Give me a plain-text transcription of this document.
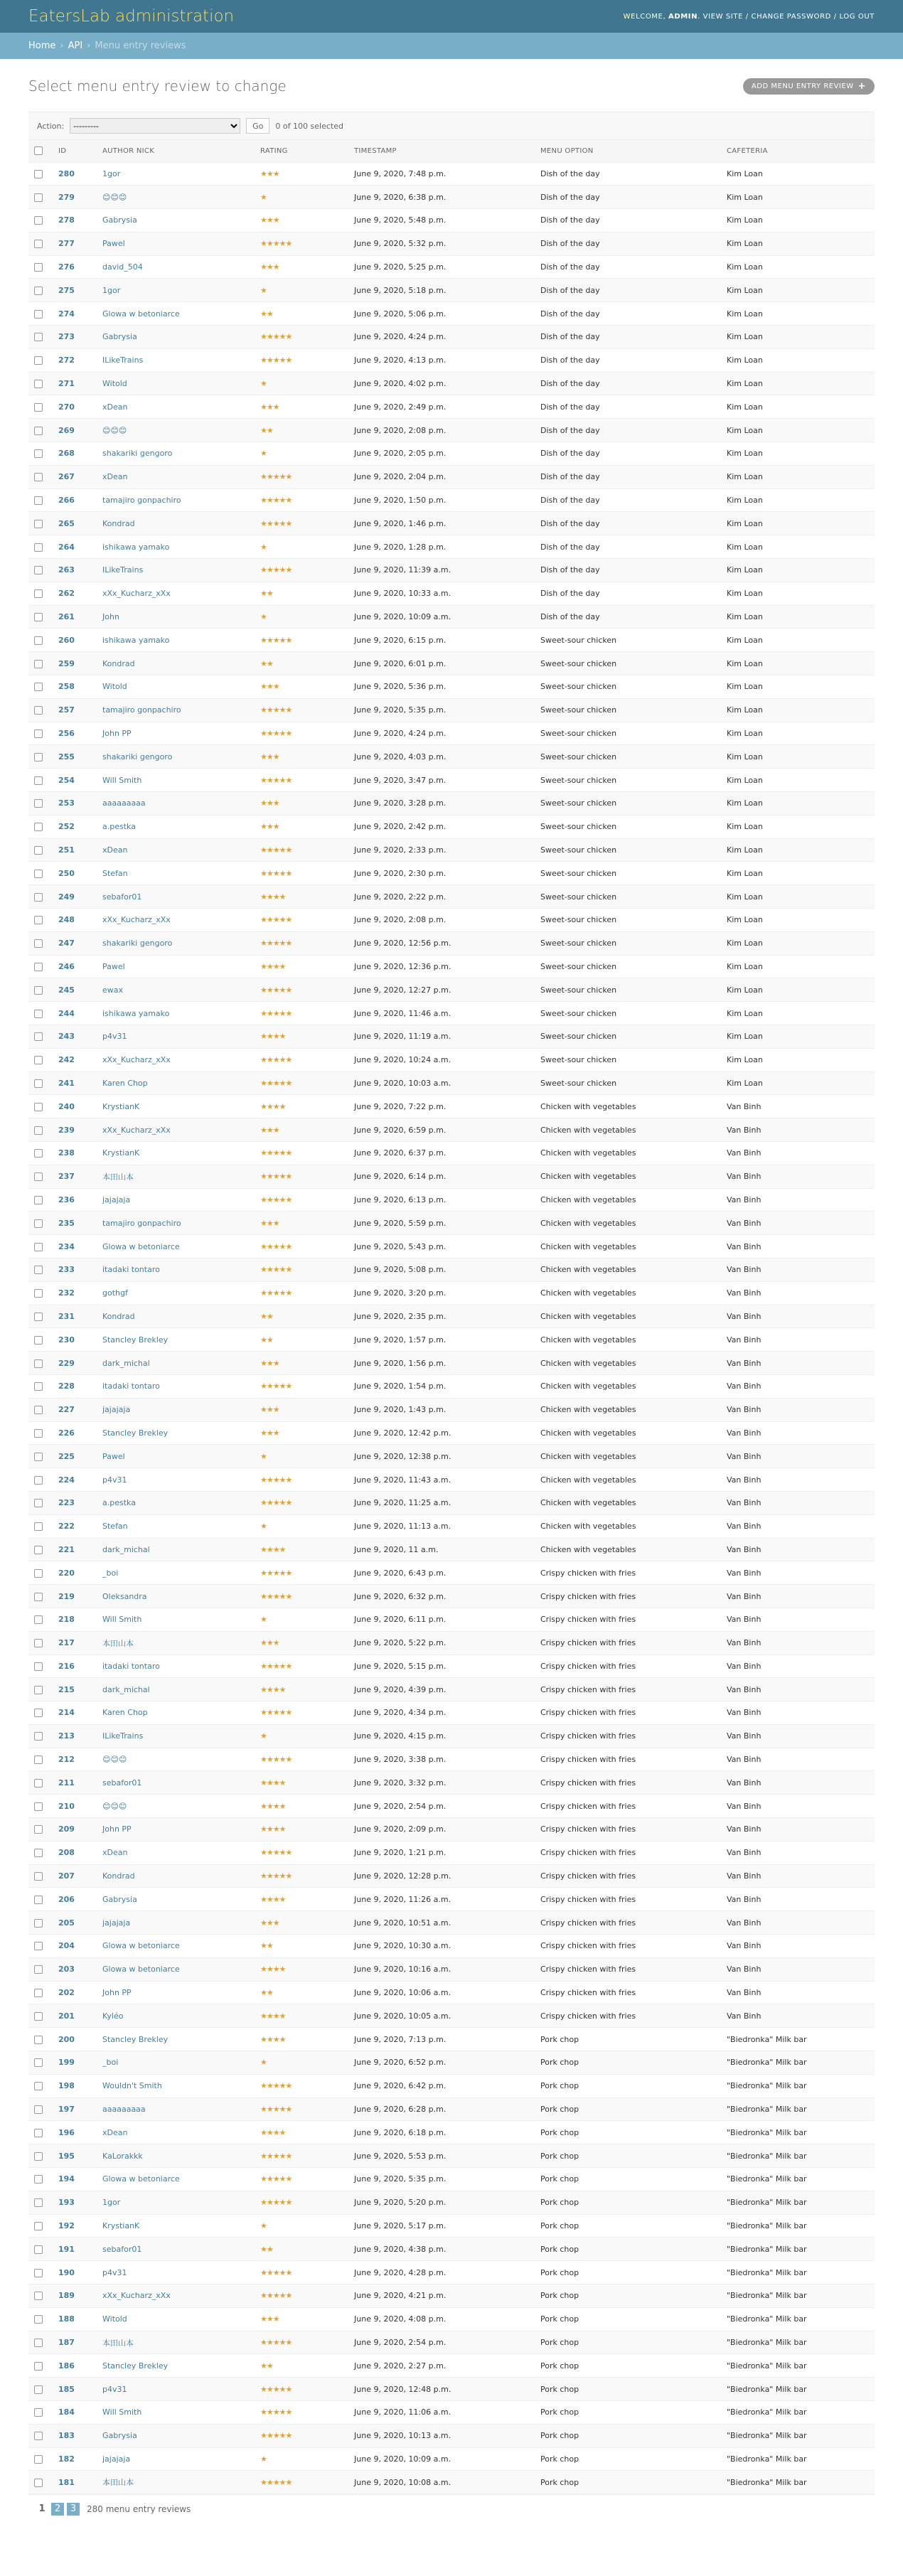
EatersLab administration	WELCOME, ADMIN. VIEW SITE / CHANGE PASSWORD / LOG OUT
Home › API › Menu entry reviews
Select menu entry review to change	ADD MENU ENTRY REVIEW +
Action:
---------	Go	0 of 100 selected
	ID	AUTHOR NICK	RATING	TIMESTAMP	MENU OPTION	CAFETERIA
	280	1gor	★★★	June 9, 2020, 7:48 p.m.	Dish of the day	Kim Loan
	279	😊😊😊	★	June 9, 2020, 6:38 p.m.	Dish of the day	Kim Loan
	278	Gabrysia	★★★	June 9, 2020, 5:48 p.m.	Dish of the day	Kim Loan
	277	Pawel	★★★★★	June 9, 2020, 5:32 p.m.	Dish of the day	Kim Loan
	276	david_504	★★★	June 9, 2020, 5:25 p.m.	Dish of the day	Kim Loan
	275	1gor	★	June 9, 2020, 5:18 p.m.	Dish of the day	Kim Loan
	274	Glowa w betoniarce	★★	June 9, 2020, 5:06 p.m.	Dish of the day	Kim Loan
	273	Gabrysia	★★★★★	June 9, 2020, 4:24 p.m.	Dish of the day	Kim Loan
	272	ILikeTrains	★★★★★	June 9, 2020, 4:13 p.m.	Dish of the day	Kim Loan
	271	Witold	★	June 9, 2020, 4:02 p.m.	Dish of the day	Kim Loan
	270	xDean	★★★	June 9, 2020, 2:49 p.m.	Dish of the day	Kim Loan
	269	😊😊😊	★★	June 9, 2020, 2:08 p.m.	Dish of the day	Kim Loan
	268	shakariki gengoro	★	June 9, 2020, 2:05 p.m.	Dish of the day	Kim Loan
	267	xDean	★★★★★	June 9, 2020, 2:04 p.m.	Dish of the day	Kim Loan
	266	tamajiro gonpachiro	★★★★★	June 9, 2020, 1:50 p.m.	Dish of the day	Kim Loan
	265	Kondrad	★★★★★	June 9, 2020, 1:46 p.m.	Dish of the day	Kim Loan
	264	ishikawa yamako	★	June 9, 2020, 1:28 p.m.	Dish of the day	Kim Loan
	263	ILikeTrains	★★★★★	June 9, 2020, 11:39 a.m.	Dish of the day	Kim Loan
	262	xXx_Kucharz_xXx	★★	June 9, 2020, 10:33 a.m.	Dish of the day	Kim Loan
	261	John	★	June 9, 2020, 10:09 a.m.	Dish of the day	Kim Loan
	260	ishikawa yamako	★★★★★	June 9, 2020, 6:15 p.m.	Sweet-sour chicken	Kim Loan
	259	Kondrad	★★	June 9, 2020, 6:01 p.m.	Sweet-sour chicken	Kim Loan
	258	Witold	★★★	June 9, 2020, 5:36 p.m.	Sweet-sour chicken	Kim Loan
	257	tamajiro gonpachiro	★★★★★	June 9, 2020, 5:35 p.m.	Sweet-sour chicken	Kim Loan
	256	John PP	★★★★★	June 9, 2020, 4:24 p.m.	Sweet-sour chicken	Kim Loan
	255	shakariki gengoro	★★★	June 9, 2020, 4:03 p.m.	Sweet-sour chicken	Kim Loan
	254	Will Smith	★★★★★	June 9, 2020, 3:47 p.m.	Sweet-sour chicken	Kim Loan
	253	aaaaaaaaa	★★★	June 9, 2020, 3:28 p.m.	Sweet-sour chicken	Kim Loan
	252	a.pestka	★★★	June 9, 2020, 2:42 p.m.	Sweet-sour chicken	Kim Loan
	251	xDean	★★★★★	June 9, 2020, 2:33 p.m.	Sweet-sour chicken	Kim Loan
	250	Stefan	★★★★★	June 9, 2020, 2:30 p.m.	Sweet-sour chicken	Kim Loan
	249	sebafor01	★★★★	June 9, 2020, 2:22 p.m.	Sweet-sour chicken	Kim Loan
	248	xXx_Kucharz_xXx	★★★★★	June 9, 2020, 2:08 p.m.	Sweet-sour chicken	Kim Loan
	247	shakariki gengoro	★★★★★	June 9, 2020, 12:56 p.m.	Sweet-sour chicken	Kim Loan
	246	Pawel	★★★★	June 9, 2020, 12:36 p.m.	Sweet-sour chicken	Kim Loan
	245	ewax	★★★★★	June 9, 2020, 12:27 p.m.	Sweet-sour chicken	Kim Loan
	244	ishikawa yamako	★★★★★	June 9, 2020, 11:46 a.m.	Sweet-sour chicken	Kim Loan
	243	p4v31	★★★★	June 9, 2020, 11:19 a.m.	Sweet-sour chicken	Kim Loan
	242	xXx_Kucharz_xXx	★★★★★	June 9, 2020, 10:24 a.m.	Sweet-sour chicken	Kim Loan
	241	Karen Chop	★★★★★	June 9, 2020, 10:03 a.m.	Sweet-sour chicken	Kim Loan
	240	KrystianK	★★★★	June 9, 2020, 7:22 p.m.	Chicken with vegetables	Van Binh
	239	xXx_Kucharz_xXx	★★★	June 9, 2020, 6:59 p.m.	Chicken with vegetables	Van Binh
	238	KrystianK	★★★★★	June 9, 2020, 6:37 p.m.	Chicken with vegetables	Van Binh
	237	本田山本	★★★★★	June 9, 2020, 6:14 p.m.	Chicken with vegetables	Van Binh
	236	jajajaja	★★★★★	June 9, 2020, 6:13 p.m.	Chicken with vegetables	Van Binh
	235	tamajiro gonpachiro	★★★	June 9, 2020, 5:59 p.m.	Chicken with vegetables	Van Binh
	234	Glowa w betoniarce	★★★★★	June 9, 2020, 5:43 p.m.	Chicken with vegetables	Van Binh
	233	itadaki tontaro	★★★★★	June 9, 2020, 5:08 p.m.	Chicken with vegetables	Van Binh
	232	gothgf	★★★★★	June 9, 2020, 3:20 p.m.	Chicken with vegetables	Van Binh
	231	Kondrad	★★	June 9, 2020, 2:35 p.m.	Chicken with vegetables	Van Binh
	230	Stancley Brekley	★★	June 9, 2020, 1:57 p.m.	Chicken with vegetables	Van Binh
	229	dark_michal	★★★	June 9, 2020, 1:56 p.m.	Chicken with vegetables	Van Binh
	228	itadaki tontaro	★★★★★	June 9, 2020, 1:54 p.m.	Chicken with vegetables	Van Binh
	227	jajajaja	★★★	June 9, 2020, 1:43 p.m.	Chicken with vegetables	Van Binh
	226	Stancley Brekley	★★★	June 9, 2020, 12:42 p.m.	Chicken with vegetables	Van Binh
	225	Pawel	★	June 9, 2020, 12:38 p.m.	Chicken with vegetables	Van Binh
	224	p4v31	★★★★★	June 9, 2020, 11:43 a.m.	Chicken with vegetables	Van Binh
	223	a.pestka	★★★★★	June 9, 2020, 11:25 a.m.	Chicken with vegetables	Van Binh
	222	Stefan	★	June 9, 2020, 11:13 a.m.	Chicken with vegetables	Van Binh
	221	dark_michal	★★★★	June 9, 2020, 11 a.m.	Chicken with vegetables	Van Binh
	220	_boi	★★★★★	June 9, 2020, 6:43 p.m.	Crispy chicken with fries	Van Binh
	219	Oleksandra	★★★★★	June 9, 2020, 6:32 p.m.	Crispy chicken with fries	Van Binh
	218	Will Smith	★	June 9, 2020, 6:11 p.m.	Crispy chicken with fries	Van Binh
	217	本田山本	★★★	June 9, 2020, 5:22 p.m.	Crispy chicken with fries	Van Binh
	216	itadaki tontaro	★★★★★	June 9, 2020, 5:15 p.m.	Crispy chicken with fries	Van Binh
	215	dark_michal	★★★★	June 9, 2020, 4:39 p.m.	Crispy chicken with fries	Van Binh
	214	Karen Chop	★★★★★	June 9, 2020, 4:34 p.m.	Crispy chicken with fries	Van Binh
	213	ILikeTrains	★	June 9, 2020, 4:15 p.m.	Crispy chicken with fries	Van Binh
	212	😊😊😊	★★★★★	June 9, 2020, 3:38 p.m.	Crispy chicken with fries	Van Binh
	211	sebafor01	★★★★	June 9, 2020, 3:32 p.m.	Crispy chicken with fries	Van Binh
	210	😊😊😊	★★★★	June 9, 2020, 2:54 p.m.	Crispy chicken with fries	Van Binh
	209	John PP	★★★★	June 9, 2020, 2:09 p.m.	Crispy chicken with fries	Van Binh
	208	xDean	★★★★★	June 9, 2020, 1:21 p.m.	Crispy chicken with fries	Van Binh
	207	Kondrad	★★★★★	June 9, 2020, 12:28 p.m.	Crispy chicken with fries	Van Binh
	206	Gabrysia	★★★★	June 9, 2020, 11:26 a.m.	Crispy chicken with fries	Van Binh
	205	jajajaja	★★★	June 9, 2020, 10:51 a.m.	Crispy chicken with fries	Van Binh
	204	Glowa w betoniarce	★★	June 9, 2020, 10:30 a.m.	Crispy chicken with fries	Van Binh
	203	Glowa w betoniarce	★★★★	June 9, 2020, 10:16 a.m.	Crispy chicken with fries	Van Binh
	202	John PP	★★	June 9, 2020, 10:06 a.m.	Crispy chicken with fries	Van Binh
	201	Kyléo	★★★★	June 9, 2020, 10:05 a.m.	Crispy chicken with fries	Van Binh
	200	Stancley Brekley	★★★★	June 9, 2020, 7:13 p.m.	Pork chop	"Biedronka" Milk bar
	199	_boi	★	June 9, 2020, 6:52 p.m.	Pork chop	"Biedronka" Milk bar
	198	Wouldn't Smith	★★★★★	June 9, 2020, 6:42 p.m.	Pork chop	"Biedronka" Milk bar
	197	aaaaaaaaa	★★★★★	June 9, 2020, 6:28 p.m.	Pork chop	"Biedronka" Milk bar
	196	xDean	★★★★	June 9, 2020, 6:18 p.m.	Pork chop	"Biedronka" Milk bar
	195	KaLorakkk	★★★★★	June 9, 2020, 5:53 p.m.	Pork chop	"Biedronka" Milk bar
	194	Glowa w betoniarce	★★★★★	June 9, 2020, 5:35 p.m.	Pork chop	"Biedronka" Milk bar
	193	1gor	★★★★★	June 9, 2020, 5:20 p.m.	Pork chop	"Biedronka" Milk bar
	192	KrystianK	★	June 9, 2020, 5:17 p.m.	Pork chop	"Biedronka" Milk bar
	191	sebafor01	★★	June 9, 2020, 4:38 p.m.	Pork chop	"Biedronka" Milk bar
	190	p4v31	★★★★★	June 9, 2020, 4:28 p.m.	Pork chop	"Biedronka" Milk bar
	189	xXx_Kucharz_xXx	★★★★★	June 9, 2020, 4:21 p.m.	Pork chop	"Biedronka" Milk bar
	188	Witold	★★★	June 9, 2020, 4:08 p.m.	Pork chop	"Biedronka" Milk bar
	187	本田山本	★★★★★	June 9, 2020, 2:54 p.m.	Pork chop	"Biedronka" Milk bar
	186	Stancley Brekley	★★	June 9, 2020, 2:27 p.m.	Pork chop	"Biedronka" Milk bar
	185	p4v31	★★★★★	June 9, 2020, 12:48 p.m.	Pork chop	"Biedronka" Milk bar
	184	Will Smith	★★★★★	June 9, 2020, 11:06 a.m.	Pork chop	"Biedronka" Milk bar
	183	Gabrysia	★★★★★	June 9, 2020, 10:13 a.m.	Pork chop	"Biedronka" Milk bar
	182	jajajaja	★	June 9, 2020, 10:09 a.m.	Pork chop	"Biedronka" Milk bar
	181	本田山本	★★★★★	June 9, 2020, 10:08 a.m.	Pork chop	"Biedronka" Milk bar
1	2	3	280 menu entry reviews
